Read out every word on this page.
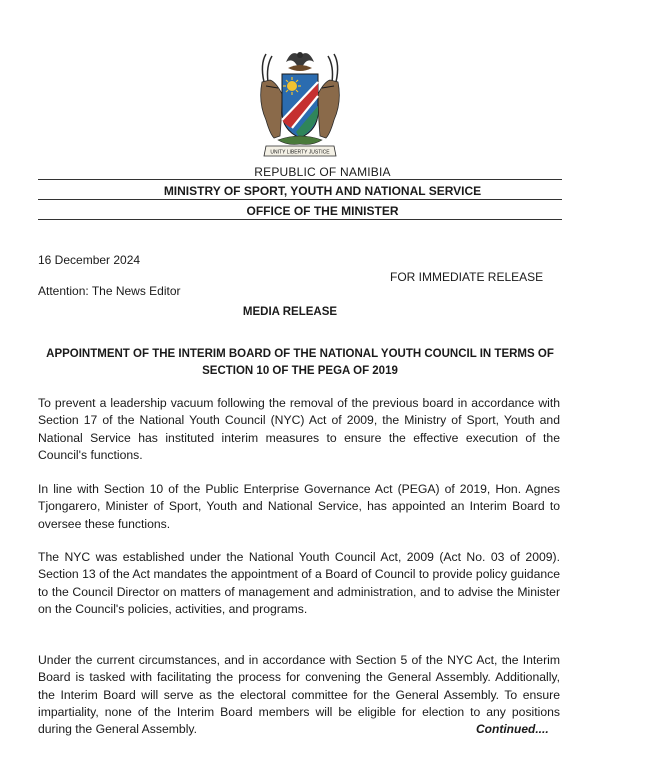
UNITY LIBERTY JUSTICE
REPUBLIC OF NAMIBIA
MINISTRY OF SPORT, YOUTH AND NATIONAL SERVICE
OFFICE OF THE MINISTER
16 December 2024
FOR IMMEDIATE RELEASE
Attention: The News Editor
MEDIA RELEASE
APPOINTMENT OF THE INTERIM BOARD OF THE NATIONAL YOUTH COUNCIL IN TERMS OF
SECTION 10 OF THE PEGA OF 2019
To prevent a leadership vacuum following the removal of the previous board in accordance with Section 17 of the National Youth Council (NYC) Act of 2009, the Ministry of Sport, Youth and National Service has instituted interim measures to ensure the effective execution of the Council's functions.
In line with Section 10 of the Public Enterprise Governance Act (PEGA) of 2019, Hon. Agnes Tjongarero, Minister of Sport, Youth and National Service, has appointed an Interim Board to oversee these functions.
The NYC was established under the National Youth Council Act, 2009 (Act No. 03 of 2009). Section 13 of the Act mandates the appointment of a Board of Council to provide policy guidance to the Council Director on matters of management and administration, and to advise the Minister on the Council's policies, activities, and programs.
Under the current circumstances, and in accordance with Section 5 of the NYC Act, the Interim Board is tasked with facilitating the process for convening the General Assembly. Additionally, the Interim Board will serve as the electoral committee for the General Assembly. To ensure impartiality, none of the Interim Board members will be eligible for election to any positions during the General Assembly.	Continued....
